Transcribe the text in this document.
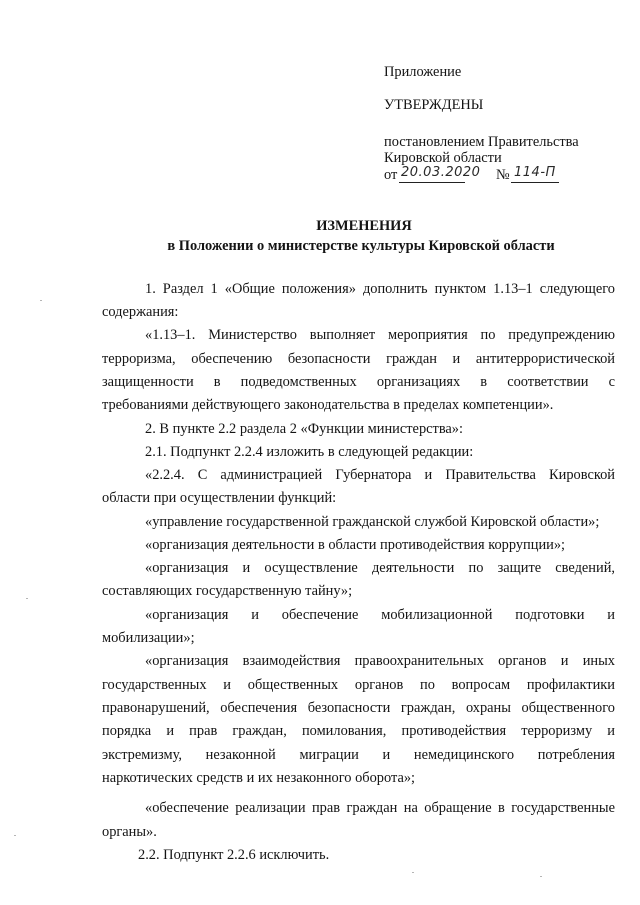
Приложение
УТВЕРЖДЕНЫ
постановлением Правительства
Кировской области
от 20.03.2020 № 114-П
ИЗМЕНЕНИЯ
в Положении о министерстве культуры Кировской области
1. Раздел 1 «Общие положения» дополнить пунктом 1.13–1 следующего
содержания:
«1.13–1. Министерство выполняет мероприятия по предупреждению
терроризма, обеспечению безопасности граждан и антитеррористической
защищенности в подведомственных организациях в соответствии с
требованиями действующего законодательства в пределах компетенции».
2. В пункте 2.2 раздела 2 «Функции министерства»:
2.1. Подпункт 2.2.4 изложить в следующей редакции:
«2.2.4. С администрацией Губернатора и Правительства Кировской
области при осуществлении функций:
«управление государственной гражданской службой Кировской области»;
«организация деятельности в области противодействия коррупции»;
«организация и осуществление деятельности по защите сведений,
составляющих государственную тайну»;
«организация и обеспечение мобилизационной подготовки и
мобилизации»;
«организация взаимодействия правоохранительных органов и иных
государственных и общественных органов по вопросам профилактики
правонарушений, обеспечения безопасности граждан, охраны общественного
порядка и прав граждан, помилования, противодействия терроризму и
экстремизму, незаконной миграции и немедицинского потребления
наркотических средств и их незаконного оборота»;
«обеспечение реализации прав граждан на обращение в государственные
органы».
2.2. Подпункт 2.2.6 исключить.
